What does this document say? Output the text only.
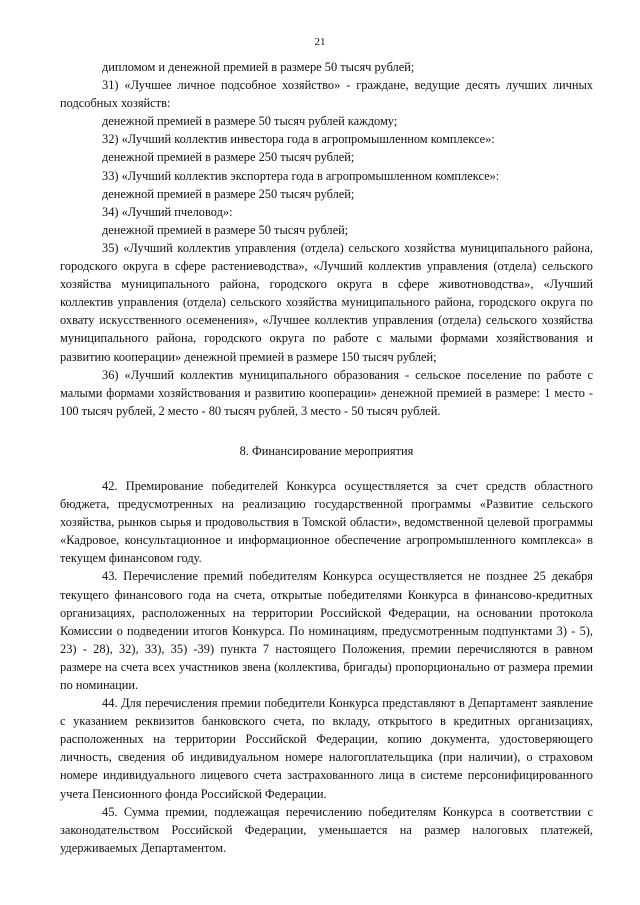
21

дипломом и денежной премией в размере 50 тысяч рублей;

31) «Лучшее личное подсобное хозяйство» - граждане, ведущие десять лучших личных подсобных хозяйств:

денежной премией в размере 50 тысяч рублей каждому;

32) «Лучший коллектив инвестора года в агропромышленном комплексе»:

денежной премией в размере 250 тысяч рублей;

33) «Лучший коллектив экспортера года в агропромышленном комплексе»:

денежной премией в размере 250 тысяч рублей;

34) «Лучший пчеловод»:

денежной премией в размере 50 тысяч рублей;

35) «Лучший коллектив управления (отдела) сельского хозяйства муниципального района, городского округа в сфере растениеводства», «Лучший коллектив управления (отдела) сельского хозяйства муниципального района, городского округа в сфере животноводства», «Лучший коллектив управления (отдела) сельского хозяйства муниципального района, городского округа по охвату искусственного осеменения», «Лучшее коллектив управления (отдела) сельского хозяйства муниципального района, городского округа по работе с малыми формами хозяйствования и развитию кооперации» денежной премией в размере 150 тысяч рублей;

36) «Лучший коллектив муниципального образования - сельское поселение по работе с малыми формами хозяйствования и развитию кооперации» денежной премией в размере: 1 место - 100 тысяч рублей, 2 место - 80 тысяч рублей, 3 место - 50 тысяч рублей.

8. Финансирование мероприятия

42. Премирование победителей Конкурса осуществляется за счет средств областного бюджета, предусмотренных на реализацию государственной программы «Развитие сельского хозяйства, рынков сырья и продовольствия в Томской области», ведомственной целевой программы «Кадровое, консультационное и информационное обеспечение агропромышленного комплекса» в текущем финансовом году.

43. Перечисление премий победителям Конкурса осуществляется не позднее 25 декабря текущего финансового года на счета, открытые победителями Конкурса в финансово-кредитных организациях, расположенных на территории Российской Федерации, на основании протокола Комиссии о подведении итогов Конкурса. По номинациям, предусмотренным подпунктами 3) - 5), 23) - 28), 32), 33), 35) -39) пункта 7 настоящего Положения, премии перечисляются в равном размере на счета всех участников звена (коллектива, бригады) пропорционально от размера премии по номинации.

44. Для перечисления премии победители Конкурса представляют в Департамент заявление с указанием реквизитов банковского счета, по вкладу, открытого в кредитных организациях, расположенных на территории Российской Федерации, копию документа, удостоверяющего личность, сведения об индивидуальном номере налогоплательщика (при наличии), о страховом номере индивидуального лицевого счета застрахованного лица в системе персонифицированного учета Пенсионного фонда Российской Федерации.

45. Сумма премии, подлежащая перечислению победителям Конкурса в соответствии с законодательством Российской Федерации, уменьшается на размер налоговых платежей, удерживаемых Департаментом.
